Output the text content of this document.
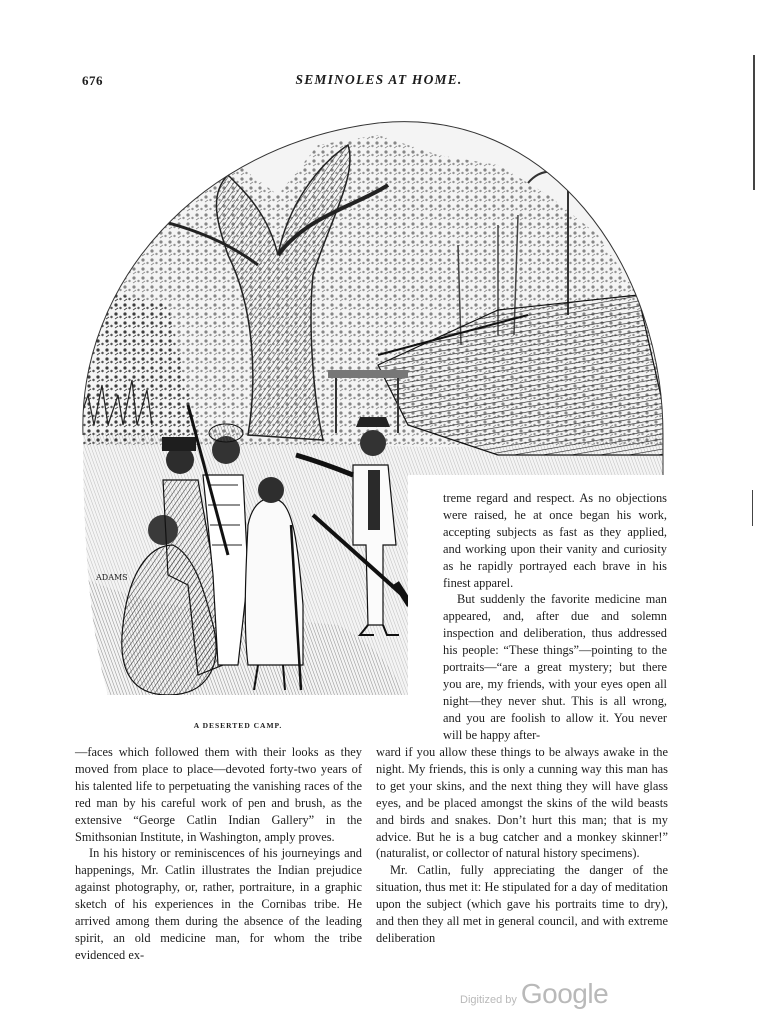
676	SEMINOLES AT HOME.
ADAMS
A DESERTED CAMP.

treme regard and respect. As no objections were raised, he at once began his work, accepting subjects as fast as they applied, and working upon their vanity and curiosity as he rapidly portrayed each brave in his finest apparel.

But suddenly the favorite medicine man appeared, and, after due and solemn inspection and deliberation, thus addressed his people: “These things”—pointing to the portraits—“are a great mystery; but there you are, my friends, with your eyes open all night—they never shut. This is all wrong, and you are foolish to allow it. You never will be happy after-

—faces which followed them with their looks as they moved from place to place—devoted forty-two years of his talented life to perpetuating the vanishing races of the red man by his careful work of pen and brush, as the extensive “George Catlin Indian Gallery” in the Smithsonian Institute, in Washington, amply proves.

In his history or reminiscences of his journeyings and happenings, Mr. Catlin illustrates the Indian prejudice against photography, or, rather, portraiture, in a graphic sketch of his experiences in the Cornibas tribe. He arrived among them during the absence of the leading spirit, an old medicine man, for whom the tribe evidenced ex-

ward if you allow these things to be always awake in the night. My friends, this is only a cunning way this man has to get your skins, and the next thing they will have glass eyes, and be placed amongst the skins of the wild beasts and birds and snakes. Don’t hurt this man; that is my advice. But he is a bug catcher and a monkey skinner!” (naturalist, or collector of natural history specimens).

Mr. Catlin, fully appreciating the danger of the situation, thus met it: He stipulated for a day of meditation upon the subject (which gave his portraits time to dry), and then they all met in general council, and with extreme deliberation

Digitized by Google
